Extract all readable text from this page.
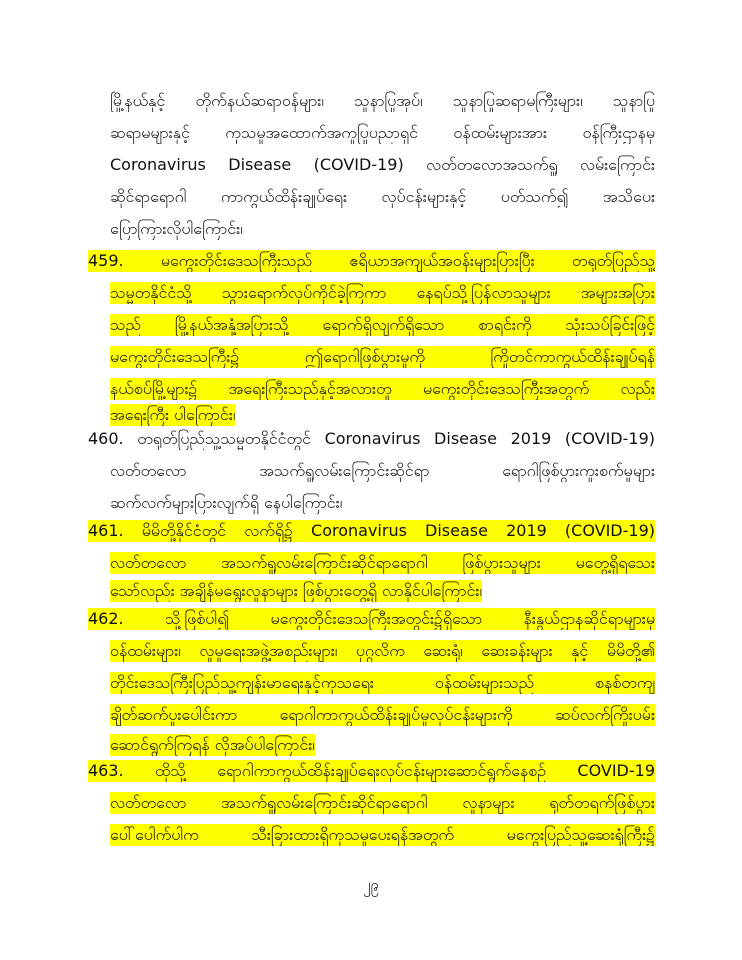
မြို့နယ်နှင့် တိုက်နယ်ဆရာဝန်များ၊ သူနာပြုအုပ်၊ သူနာပြုဆရာမကြီးများ၊ သူနာပြု
ဆရာမများနှင့် ကုသမှုအထောက်အကူပြုပညာရှင် ဝန်ထမ်းများအား ဝန်ကြီးဌာနမှ
Coronavirus Disease (COVID-19) လတ်တလောအသက်ရှူ လမ်းကြောင်း
ဆိုင်ရာရောဂါ ကာကွယ်ထိန်းချုပ်ရေး လုပ်ငန်းများနှင့် ပတ်သက်၍ အသိပေး
ပြောကြားလိုပါကြောင်း၊
459. မကွေးတိုင်းဒေသကြီးသည် ဧရိယာအကျယ်အဝန်းများပြားပြီး တရုတ်ပြည်သူ့
သမ္မတနိုင်ငံသို့ သွားရောက်လုပ်ကိုင်ခဲ့ကြကာ နေရပ်သို့ပြန်လာသူများ အများအပြား
သည် မြို့နယ်အနှံ့အပြားသို့ ရောက်ရှိလျက်ရှိသော စာရင်းကို သုံးသပ်ခြင်းဖြင့်
မကွေးတိုင်းဒေသကြီး၌ ဤရောဂါဖြစ်ပွားမှုကို ကြိုတင်ကာကွယ်ထိန်းချုပ်ရန်
နယ်စပ်မြို့များ၌ အရေးကြီးသည်နှင့်အလားတူ မကွေးတိုင်းဒေသကြီးအတွက် လည်း
အရေးကြီး ပါကြောင်း၊
460. တရုတ်ပြည်သူ့သမ္မတနိုင်ငံတွင် Coronavirus Disease 2019 (COVID-19)
လတ်တလော အသက်ရှူလမ်းကြောင်းဆိုင်ရာ ရောဂါဖြစ်ပွားကူးစက်မှုများ
ဆက်လက်များပြားလျက်ရှိ နေပါကြောင်း၊
461. မိမိတို့နိုင်ငံတွင် လက်ရှိ၌ Coronavirus Disease 2019 (COVID-19)
လတ်တလော အသက်ရှူလမ်းကြောင်းဆိုင်ရာရောဂါ ဖြစ်ပွားသူများ မတွေ့ရှိရသေး
သော်လည်း အချိန်မရွေးလူနာများ ဖြစ်ပွားတွေ့ရှိ လာနိုင်ပါကြောင်း၊
462. သို့ဖြစ်ပါ၍ မကွေးတိုင်းဒေသကြီးအတွင်း၌ရှိသော နီးနွယ်ဌာနဆိုင်ရာများမှ
ဝန်ထမ်းများ၊ လူမှုရေးအဖွဲ့အစည်းများ၊ ပုဂ္ဂလိက ဆေးရုံ၊ ဆေးခန်းများ နှင့် မိမိတို့၏
တိုင်းဒေသကြီးပြည်သူ့ကျန်းမာရေးနှင့်ကုသရေး ဝန်ထမ်းများသည် စနစ်တကျ
ချိတ်ဆက်ပူးပေါင်းကာ ရောဂါကာကွယ်ထိန်းချုပ်မှုလုပ်ငန်းများကို ဆပ်လက်ကြိုးပမ်း
ဆောင်ရွက်ကြရန် လိုအပ်ပါကြောင်း၊
463. ထိုသို့ ရောဂါကာကွယ်ထိန်းချုပ်ရေးလုပ်ငန်းများဆောင်ရွက်နေစဉ် COVID-19
လတ်တလော အသက်ရှူလမ်းကြောင်းဆိုင်ရာရောဂါ လူနာများ ရုတ်တရက်ဖြစ်ပွား
ပေါ်ပေါက်ပါက သီးခြားထားရှိကုသမှုပေးရန်အတွက် မကွေးပြည်သူ့ဆေးရုံကြီး၌
၂၉
